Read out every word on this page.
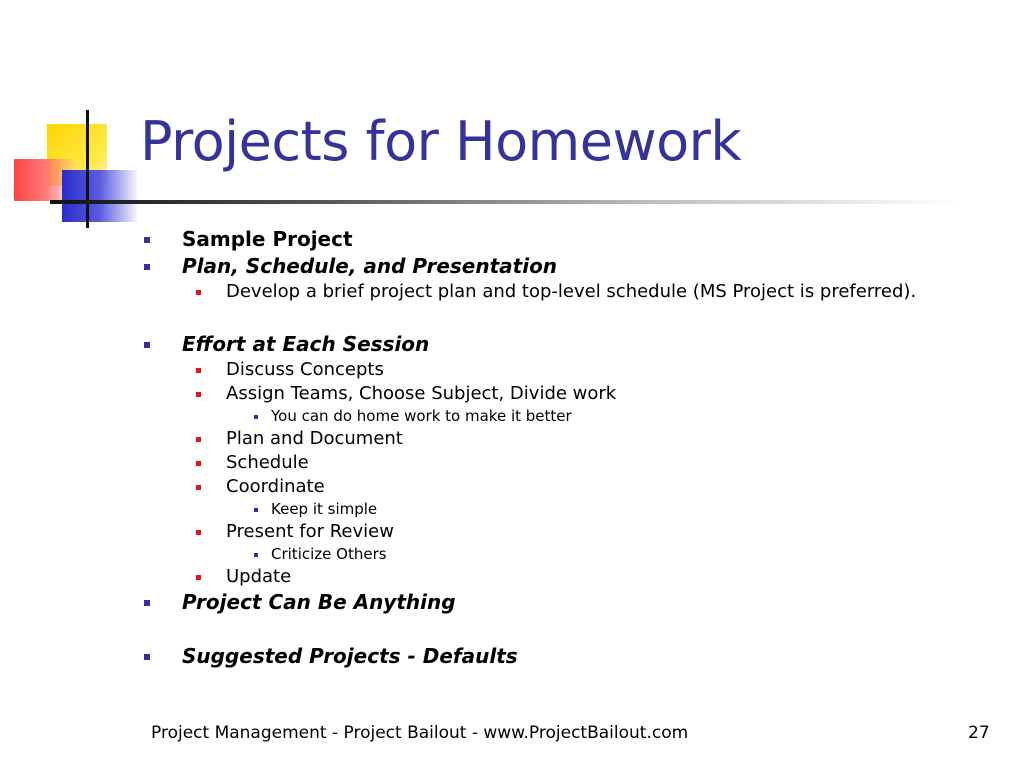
Projects for Homework
Sample Project
Plan, Schedule, and Presentation
Develop a brief project plan and top-level schedule (MS Project is preferred).
Effort at Each Session
Discuss Concepts
Assign Teams, Choose Subject, Divide work
You can do home work to make it better
Plan and Document
Schedule
Coordinate
Keep it simple
Present for Review
Criticize Others
Update
Project Can Be Anything
Suggested Projects - Defaults
Project Management - Project Bailout - www.ProjectBailout.com	27
